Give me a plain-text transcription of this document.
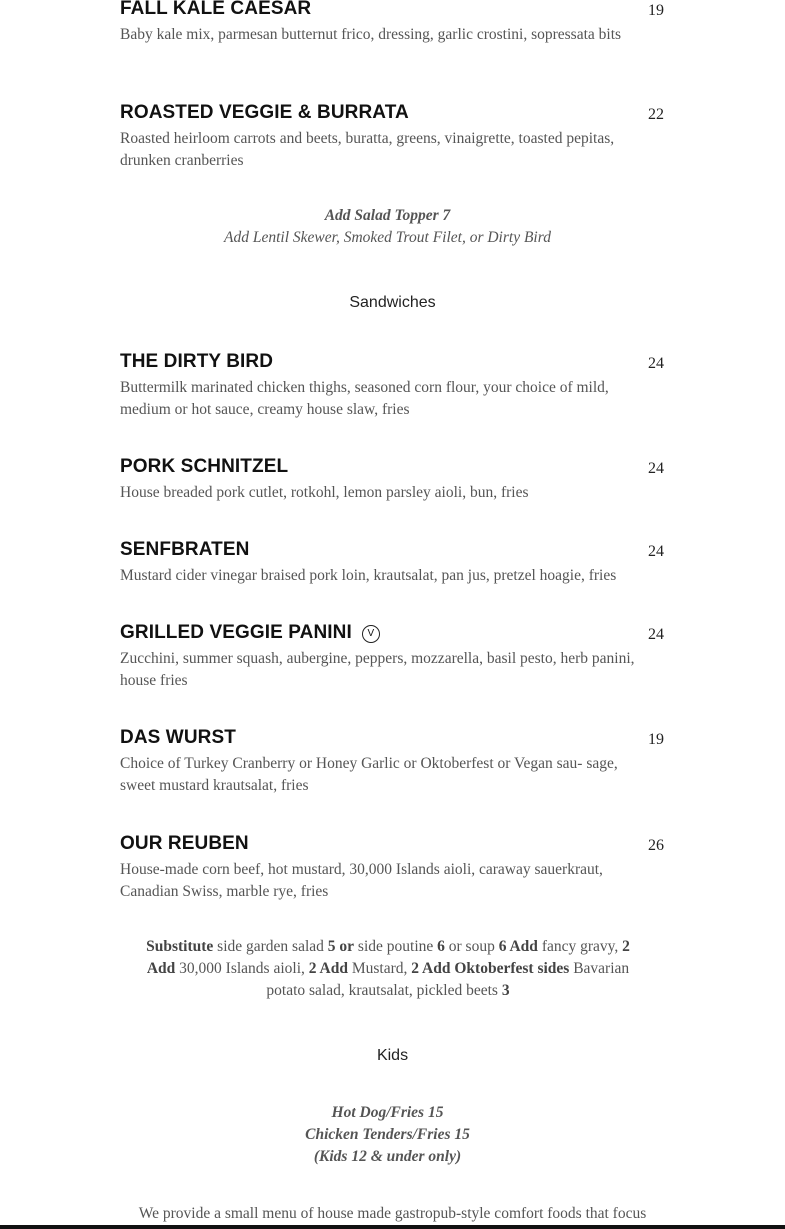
FALL KALE CAESAR	19
Baby kale mix, parmesan butternut frico, dressing, garlic crostini, sopressata bits
ROASTED VEGGIE & BURRATA	22
Roasted heirloom carrots and beets, buratta, greens, vinaigrette, toasted pepitas, drunken cranberries
Add Salad Topper 7
Add Lentil Skewer, Smoked Trout Filet, or Dirty Bird
Sandwiches
THE DIRTY BIRD	24
Buttermilk marinated chicken thighs, seasoned corn flour, your choice of mild, medium or hot sauce, creamy house slaw, fries
PORK SCHNITZEL	24
House breaded pork cutlet, rotkohl, lemon parsley aioli, bun, fries
SENFBRATEN	24
Mustard cider vinegar braised pork loin, krautsalat, pan jus, pretzel hoagie, fries
GRILLED VEGGIE PANINI V	24
Zucchini, summer squash, aubergine, peppers, mozzarella, basil pesto, herb panini, house fries
DAS WURST	19
Choice of Turkey Cranberry or Honey Garlic or Oktoberfest or Vegan sau- sage, sweet mustard krautsalat, fries
OUR REUBEN	26
House-made corn beef, hot mustard, 30,000 Islands aioli, caraway sauerkraut, Canadian Swiss, marble rye, fries
Substitute side garden salad 5 or side poutine 6 or soup 6 Add fancy gravy, 2 Add 30,000 Islands aioli, 2 Add Mustard, 2 Add Oktoberfest sides Bavarian potato salad, krautsalat, pickled beets 3
Kids
Hot Dog/Fries 15
Chicken Tenders/Fries 15
(Kids 12 & under only)
We provide a small menu of house made gastropub-style comfort foods that focus
